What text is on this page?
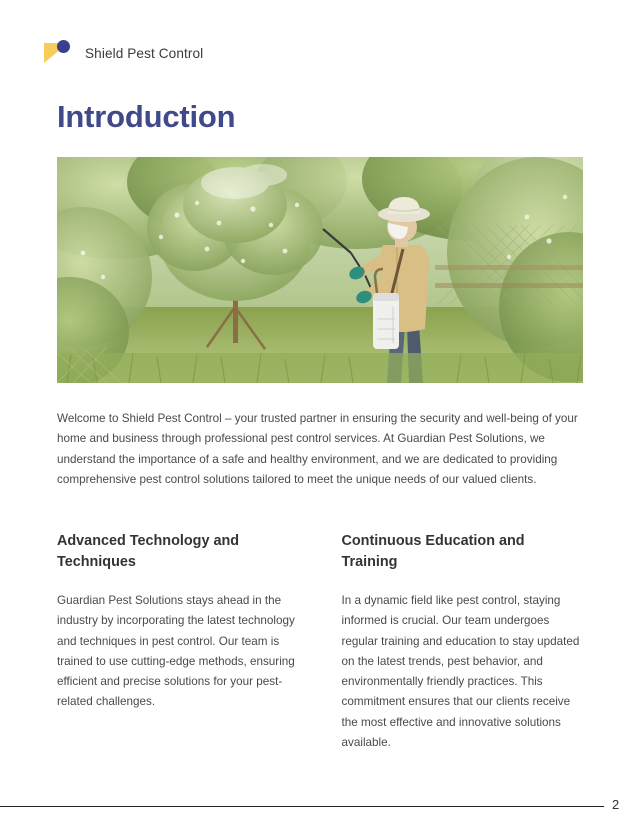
Shield Pest Control
Introduction

Welcome to Shield Pest Control – your trusted partner in ensuring the security and well-being of your home and business through professional pest control services. At Guardian Pest Solutions, we understand the importance of a safe and healthy environment, and we are dedicated to providing comprehensive pest control solutions tailored to meet the unique needs of our valued clients.

Advanced Technology and Techniques

Guardian Pest Solutions stays ahead in the industry by incorporating the latest technology and techniques in pest control. Our team is trained to use cutting-edge methods, ensuring efficient and precise solutions for your pest-related challenges.

Continuous Education and Training

In a dynamic field like pest control, staying informed is crucial. Our team undergoes regular training and education to stay updated on the latest trends, pest behavior, and environmentally friendly practices. This commitment ensures that our clients receive the most effective and innovative solutions available.

2
